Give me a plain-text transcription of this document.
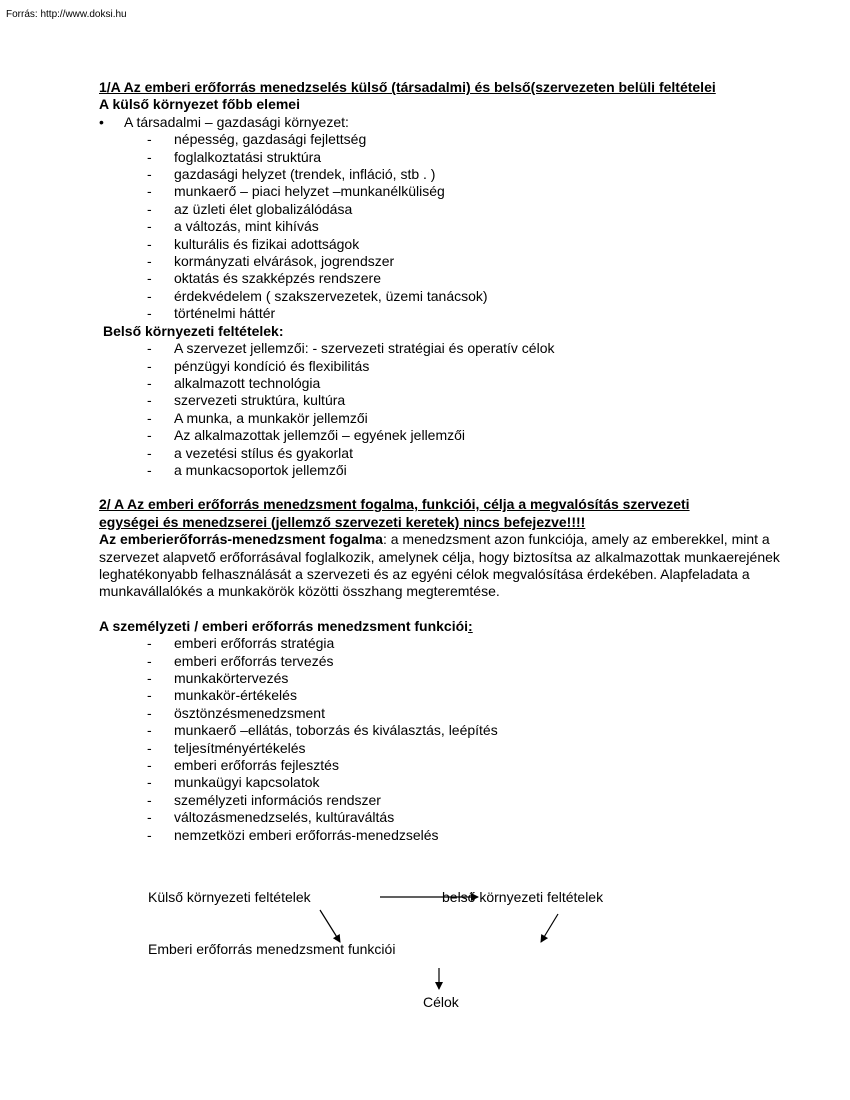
Forrás: http://www.doksi.hu

1/A Az emberi erőforrás menedzselés külső (társadalmi) és belső(szervezeten belüli feltételei

A külső környezet főbb elemei

• A társadalmi – gazdasági környezet:

- népesség, gazdasági fejlettség
- foglalkoztatási struktúra
- gazdasági helyzet (trendek, infláció, stb . )
- munkaerő – piaci helyzet –munkanélküliség
- az üzleti élet globalizálódása
- a változás, mint kihívás
- kulturális és fizikai adottságok
- kormányzati elvárások, jogrendszer
- oktatás és szakképzés rendszere
- érdekvédelem ( szakszervezetek, üzemi tanácsok)
- történelmi háttér

Belső környezeti feltételek:

- A szervezet jellemzői: - szervezeti stratégiai és operatív célok
- pénzügyi kondíció és flexibilitás
- alkalmazott technológia
- szervezeti struktúra, kultúra
- A munka, a munkakör jellemzői
- Az alkalmazottak jellemzői – egyének jellemzői
- a vezetési stílus és gyakorlat
- a munkacsoportok jellemzői

2/ A Az emberi erőforrás menedzsment fogalma, funkciói, célja a megvalósítás szervezeti

egységei és menedzserei (jellemző szervezeti keretek) nincs befejezve!!!!

Az emberierőforrás-menedzsment fogalma: a menedzsment azon funkciója, amely az emberekkel, mint a szervezet alapvető erőforrásával foglalkozik, amelynek célja, hogy biztosítsa az alkalmazottak munkaerejének leghatékonyabb felhasználását a szervezeti és az egyéni célok megvalósítása érdekében. Alapfeladata a munkavállalókés a munkakörök közötti összhang megteremtése.

A személyzeti / emberi erőforrás menedzsment funkciói:

- emberi erőforrás stratégia
- emberi erőforrás tervezés
- munkakörtervezés
- munkakör-értékelés
- ösztönzésmenedzsment
- munkaerő –ellátás, toborzás és kiválasztás, leépítés
- teljesítményértékelés
- emberi erőforrás fejlesztés
- munkaügyi kapcsolatok
- személyzeti információs rendszer
- változásmenedzselés, kultúraváltás
- nemzetközi emberi erőforrás-menedzselés
Külső környezeti feltételek	belső környezeti feltételek
Emberi erőforrás menedzsment funkciói
Célok
